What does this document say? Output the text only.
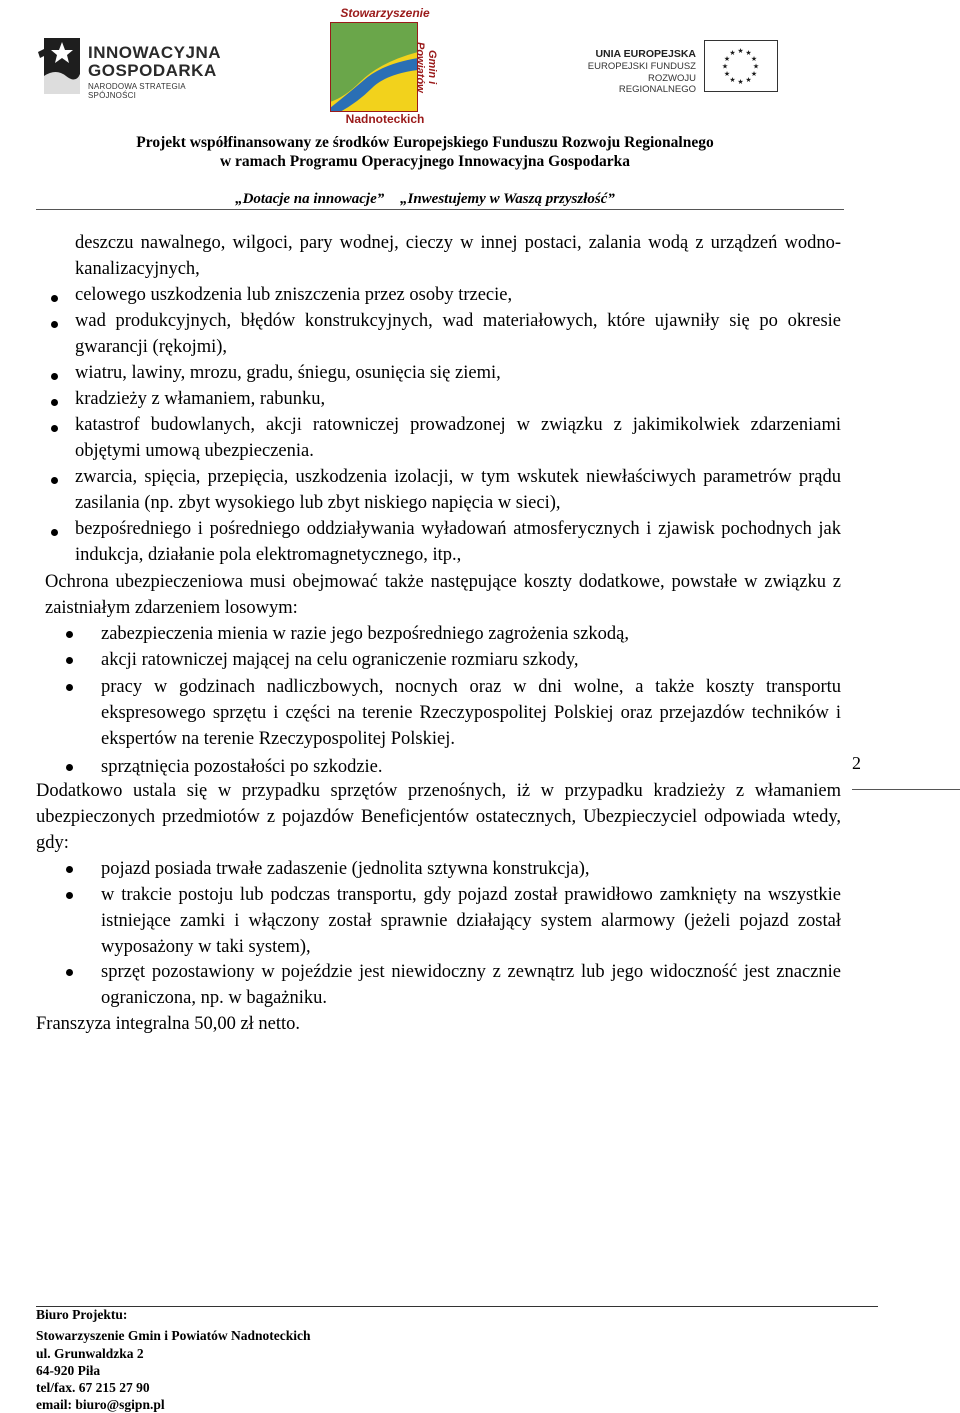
INNOWACYJNA
GOSPODARKA
NARODOWA STRATEGIA SPÓJNOŚCI
Stowarzyszenie
Gmin i Powiatów
Nadnoteckich
UNIA EUROPEJSKA
EUROPEJSKI FUNDUSZ
ROZWOJU REGIONALNEGO
★ ★
★
★
★
★
★
★
★
★
★
★
Projekt współfinansowany ze środków Europejskiego Funduszu Rozwoju Regionalnego
w ramach Programu Operacyjnego Innowacyjna Gospodarka
„Dotacje na innowacje” „Inwestujemy w Waszą przyszłość”
deszczu nawalnego, wilgoci, pary wodnej, cieczy w innej postaci, zalania wodą z urządzeń wodno-kanalizacyjnych,
celowego uszkodzenia lub zniszczenia przez osoby trzecie,
wad produkcyjnych, błędów konstrukcyjnych, wad materiałowych, które ujawniły się po okresie gwarancji (rękojmi),
wiatru, lawiny, mrozu, gradu, śniegu, osunięcia się ziemi,
kradzieży z włamaniem, rabunku,
katastrof budowlanych, akcji ratowniczej prowadzonej w związku z jakimikolwiek zdarzeniami objętymi umową ubezpieczenia.
zwarcia, spięcia, przepięcia, uszkodzenia izolacji, w tym wskutek niewłaściwych parametrów prądu zasilania (np. zbyt wysokiego lub zbyt niskiego napięcia w sieci),
bezpośredniego i pośredniego oddziaływania wyładowań atmosferycznych i zjawisk pochodnych jak indukcja, działanie pola elektromagnetycznego, itp.,
Ochrona ubezpieczeniowa musi obejmować także następujące koszty dodatkowe, powstałe w związku z zaistniałym zdarzeniem losowym:
zabezpieczenia mienia w razie jego bezpośredniego zagrożenia szkodą,
akcji ratowniczej mającej na celu ograniczenie rozmiaru szkody,
pracy w godzinach nadliczbowych, nocnych oraz w dni wolne, a także koszty transportu ekspresowego sprzętu i części na terenie Rzeczypospolitej Polskiej oraz przejazdów techników i ekspertów na terenie Rzeczypospolitej Polskiej.
sprzątnięcia pozostałości po szkodzie.
Dodatkowo ustala się w przypadku sprzętów przenośnych, iż w przypadku kradzieży z włamaniem ubezpieczonych przedmiotów z pojazdów Beneficjentów ostatecznych, Ubezpieczyciel odpowiada wtedy, gdy:
pojazd posiada trwałe zadaszenie (jednolita sztywna konstrukcja),
w trakcie postoju lub podczas transportu, gdy pojazd został prawidłowo zamknięty na wszystkie istniejące zamki i włączony został sprawnie działający system alarmowy (jeżeli pojazd został wyposażony w taki system),
sprzęt pozostawiony w pojeździe jest niewidoczny z zewnątrz lub jego widoczność jest znacznie ograniczona, np. w bagażniku.
Franszyza integralna 50,00 zł netto.
2
Biuro Projektu:
Stowarzyszenie Gmin i Powiatów Nadnoteckich
ul. Grunwaldzka 2
64-920 Piła
tel/fax. 67 215 27 90
email: biuro@sgipn.pl
